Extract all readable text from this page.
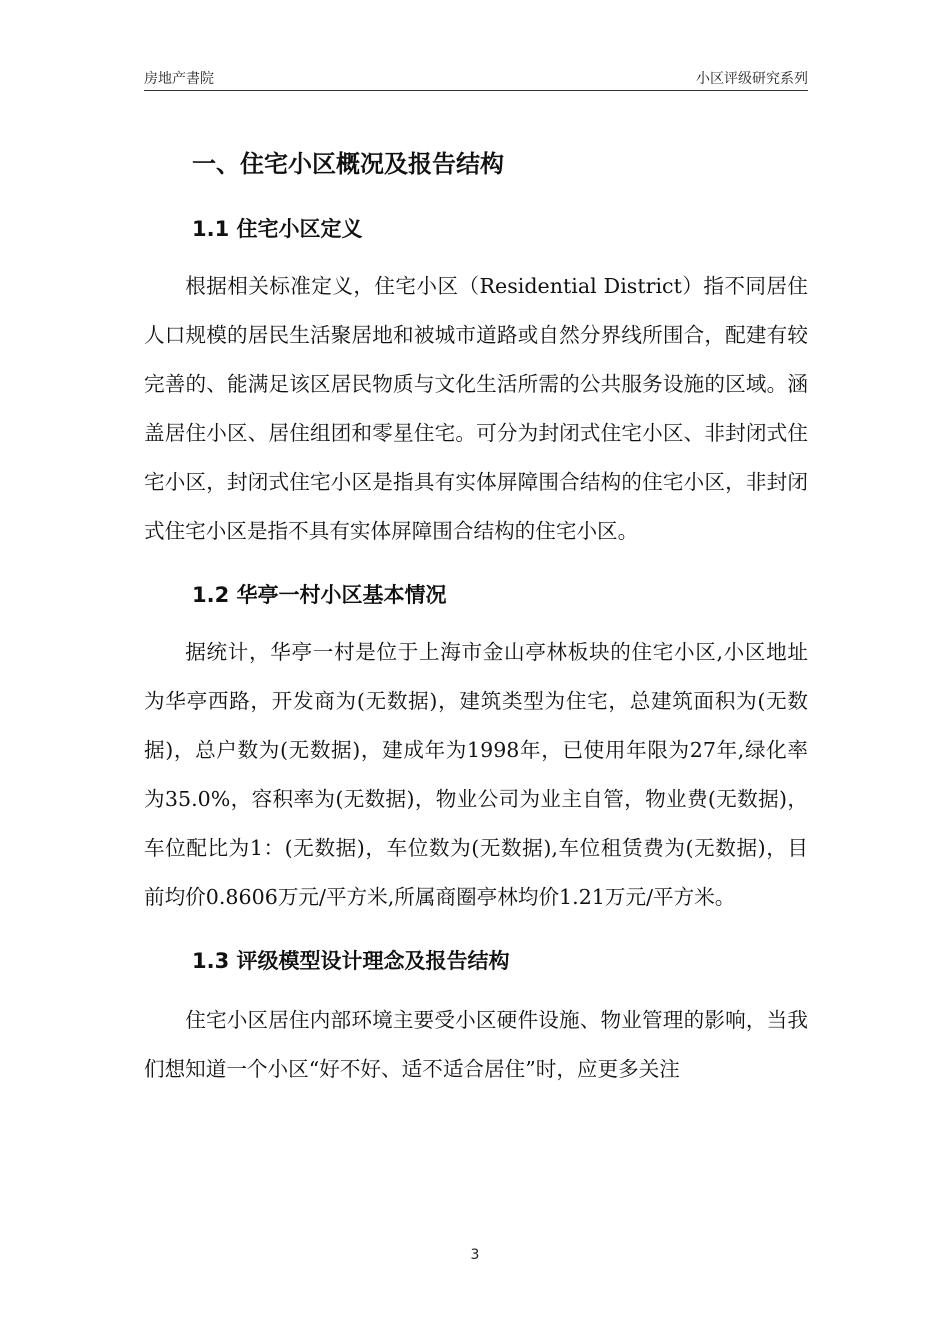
房地产書院	小区评级研究系列
一、住宅小区概况及报告结构
1.1 住宅小区定义

根据相关标准定义，住宅小区（Residential District）指不同居住人口规模的居民生活聚居地和被城市道路或自然分界线所围合，配建有较完善的、能满足该区居民物质与文化生活所需的公共服务设施的区域。涵盖居住小区、居住组团和零星住宅。可分为封闭式住宅小区、非封闭式住宅小区，封闭式住宅小区是指具有实体屏障围合结构的住宅小区，非封闭式住宅小区是指不具有实体屏障围合结构的住宅小区。

1.2 华亭一村小区基本情况

据统计，华亭一村是位于上海市金山亭林板块的住宅小区,小区地址为华亭西路，开发商为(无数据)，建筑类型为住宅，总建筑面积为(无数据)，总户数为(无数据)，建成年为1998年，已使用年限为27年,绿化率为35.0%，容积率为(无数据)，物业公司为业主自管，物业费(无数据)，车位配比为1：(无数据)，车位数为(无数据),车位租赁费为(无数据)，目前均价0.8606万元/平方米,所属商圈亭林均价1.21万元/平方米。

1.3 评级模型设计理念及报告结构

住宅小区居住内部环境主要受小区硬件设施、物业管理的影响，当我们想知道一个小区“好不好、适不适合居住”时，应更多关注

3
